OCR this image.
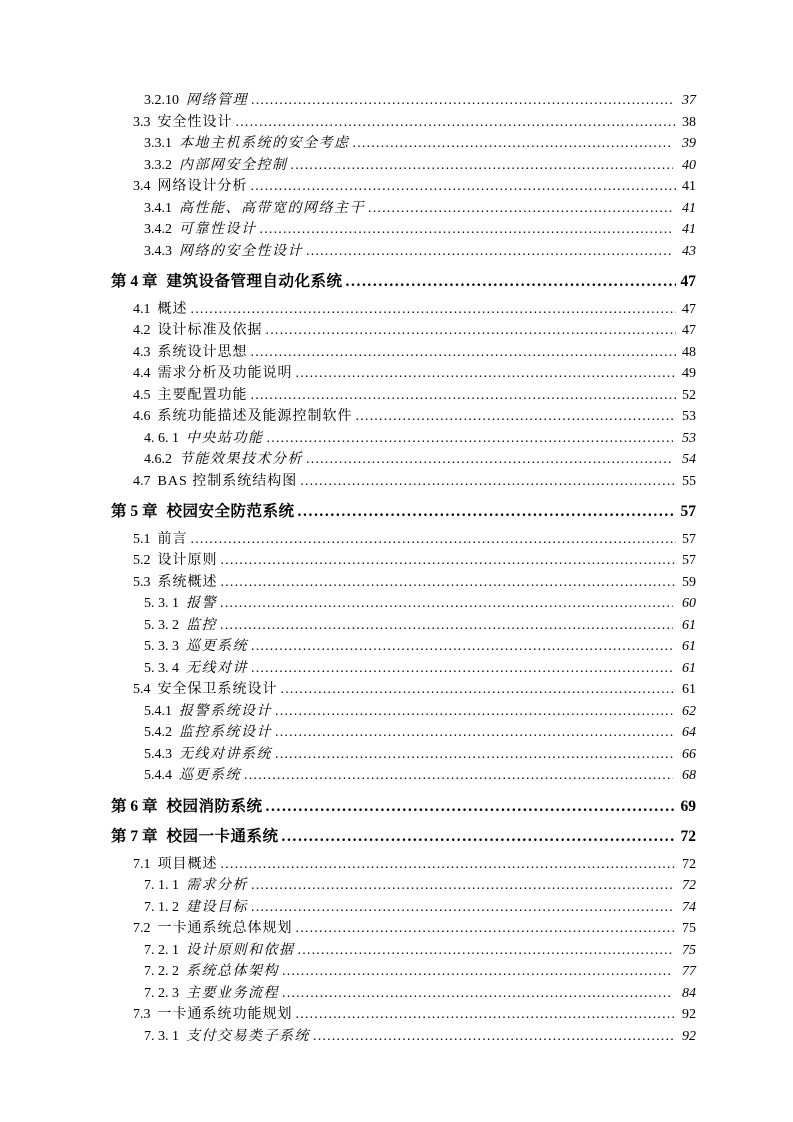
3.2.10 网络管理 .....	37
3.3 安全性设计 .....	38
3.3.1 本地主机系统的安全考虑 .....	39
3.3.2 内部网安全控制 .....	40
3.4 网络设计分析 .....	41
3.4.1 高性能、高带宽的网络主干 .....	41
3.4.2 可靠性设计 .....	41
3.4.3 网络的安全性设计 .....	43
第 4 章 建筑设备管理自动化系统 .....	47
4.1 概述 .....	47
4.2 设计标准及依据 .....	47
4.3 系统设计思想 .....	48
4.4 需求分析及功能说明 .....	49
4.5 主要配置功能 .....	52
4.6 系统功能描述及能源控制软件 .....	53
4. 6. 1 中央站功能 .....	53
4.6.2 节能效果技术分析 .....	54
4.7 BAS 控制系统结构图 .....	55
第 5 章 校园安全防范系统 .....	57
5.1 前言 .....	57
5.2 设计原则 .....	57
5.3 系统概述 .....	59
5. 3. 1 报警 .....	60
5. 3. 2 监控 .....	61
5. 3. 3 巡更系统 .....	61
5. 3. 4 无线对讲 .....	61
5.4 安全保卫系统设计 .....	61
5.4.1 报警系统设计 .....	62
5.4.2 监控系统设计 .....	64
5.4.3 无线对讲系统 .....	66
5.4.4 巡更系统 .....	68
第 6 章 校园消防系统 .....	69
第 7 章 校园一卡通系统 .....	72
7.1 项目概述 .....	72
7. 1. 1 需求分析 .....	72
7. 1. 2 建设目标 .....	74
7.2 一卡通系统总体规划 .....	75
7. 2. 1 设计原则和依据 .....	75
7. 2. 2 系统总体架构 .....	77
7. 2. 3 主要业务流程 .....	84
7.3 一卡通系统功能规划 .....	92
7. 3. 1 支付交易类子系统 .....	92
